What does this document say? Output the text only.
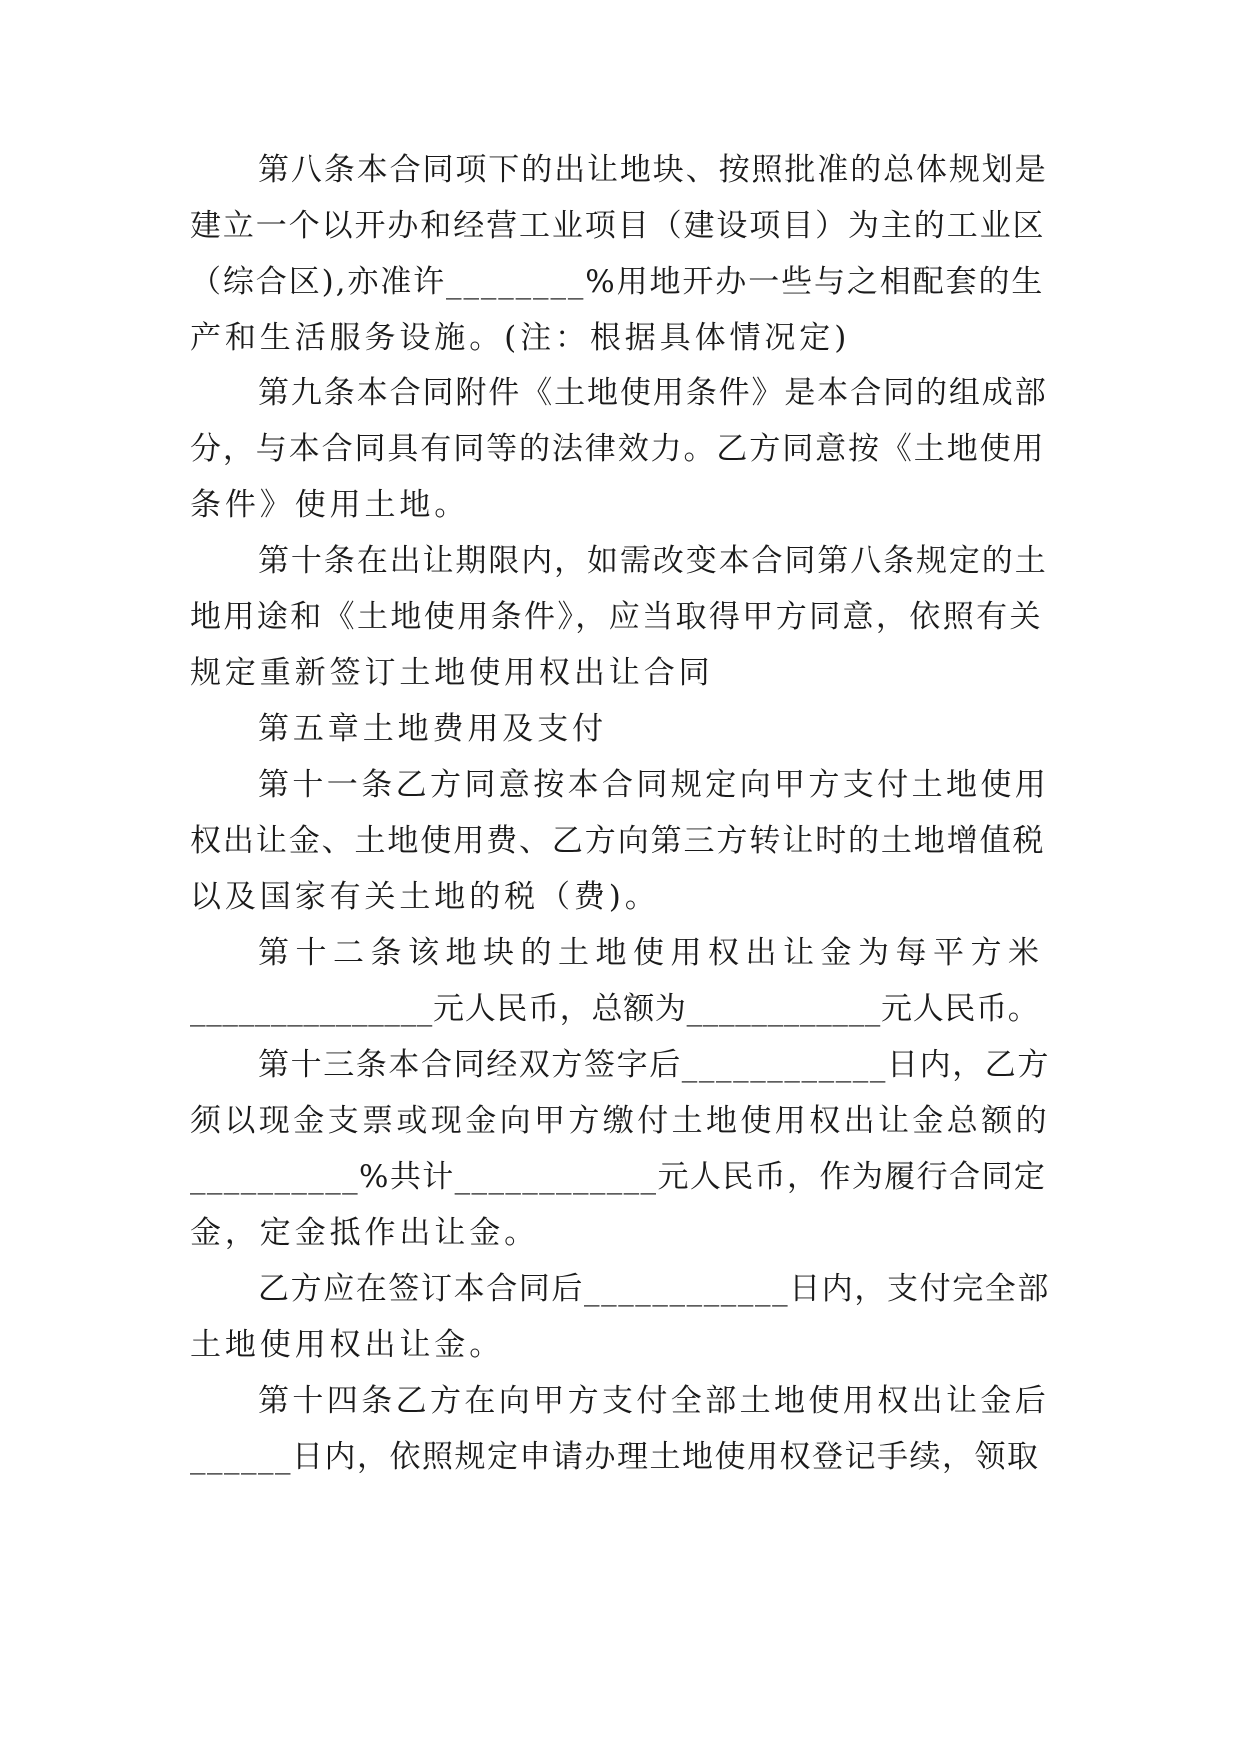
第八条本合同项下的出让地块、按照批准的总体规划是
建立一个以开办和经营工业项目（建设项目）为主的工业区
（综合区),亦准许________%用地开办一些与之相配套的生
产和生活服务设施。(注：根据具体情况定)
第九条本合同附件《土地使用条件》是本合同的组成部
分，与本合同具有同等的法律效力。乙方同意按《土地使用
条件》使用土地。
第十条在出让期限内，如需改变本合同第八条规定的土
地用途和《土地使用条件》，应当取得甲方同意，依照有关
规定重新签订土地使用权出让合同
第五章土地费用及支付
第十一条乙方同意按本合同规定向甲方支付土地使用
权出让金、土地使用费、乙方向第三方转让时的土地增值税
以及国家有关土地的税（费)。
第十二条该地块的土地使用权出让金为每平方米
_______________元人民币，总额为____________元人民币。
第十三条本合同经双方签字后____________日内，乙方
须以现金支票或现金向甲方缴付土地使用权出让金总额的
__________%共计____________元人民币，作为履行合同定
金，定金抵作出让金。
乙方应在签订本合同后____________日内，支付完全部
土地使用权出让金。
第十四条乙方在向甲方支付全部土地使用权出让金后
______日内，依照规定申请办理土地使用权登记手续，领取
